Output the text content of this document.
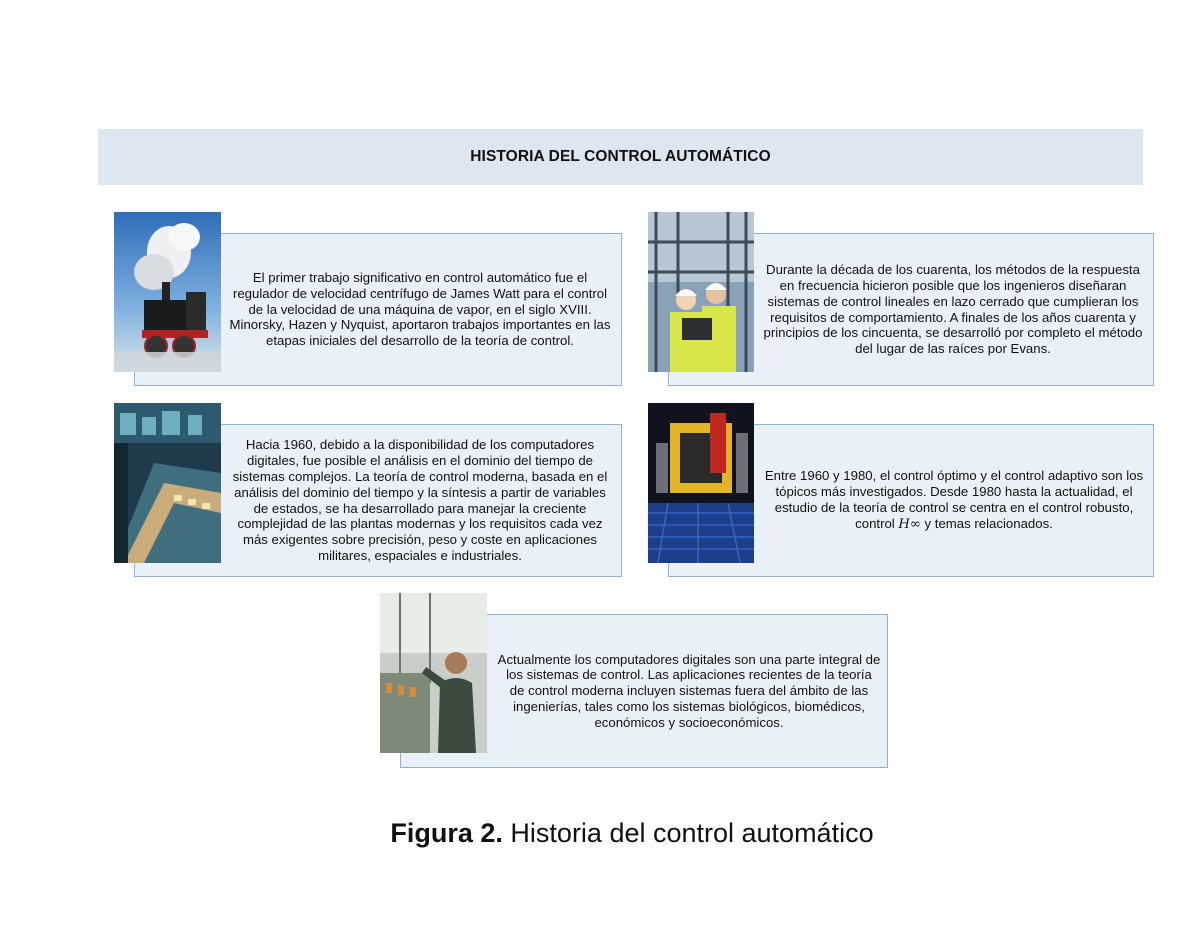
HISTORIA DEL CONTROL AUTOMÁTICO
El primer trabajo significativo en control automático fue el regulador de velocidad centrífugo de James Watt para el control de la velocidad de una máquina de vapor, en el siglo XVIII. Minorsky, Hazen y Nyquist, aportaron trabajos importantes en las etapas iniciales del desarrollo de la teoría de control.
Durante la década de los cuarenta, los métodos de la respuesta en frecuencia hicieron posible que los ingenieros diseñaran sistemas de control lineales en lazo cerrado que cumplieran los requisitos de comportamiento. A finales de los años cuarenta y principios de los cincuenta, se desarrolló por completo el método del lugar de las raíces por Evans.
Hacia 1960, debido a la disponibilidad de los computadores digitales, fue posible el análisis en el dominio del tiempo de sistemas complejos. La teoría de control moderna, basada en el análisis del dominio del tiempo y la síntesis a partir de variables de estados, se ha desarrollado para manejar la creciente complejidad de las plantas modernas y los requisitos cada vez más exigentes sobre precisión, peso y coste en aplicaciones militares, espaciales e industriales.
Entre 1960 y 1980, el control óptimo y el control adaptivo son los tópicos más investigados. Desde 1980 hasta la actualidad, el estudio de la teoría de control se centra en el control robusto, control H∞ y temas relacionados.
Actualmente los computadores digitales son una parte integral de los sistemas de control. Las aplicaciones recientes de la teoría de control moderna incluyen sistemas fuera del ámbito de las ingenierías, tales como los sistemas biológicos, biomédicos, económicos y socioeconómicos.
Figura 2. Historia del control automático
